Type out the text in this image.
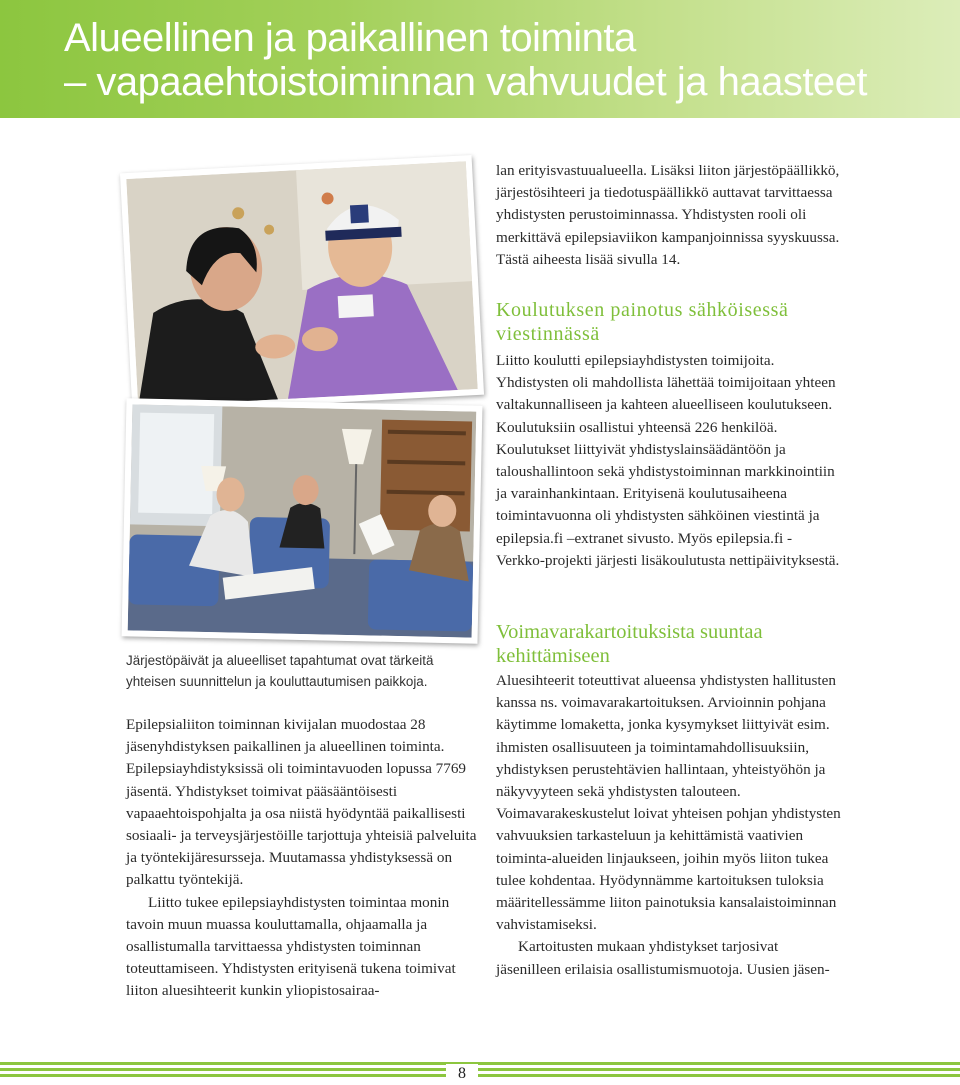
Alueellinen ja paikallinen toiminta
– vapaaehtoistoiminnan vahvuudet ja haasteet
Järjestöpäivät ja alueelliset tapahtumat ovat tärkeitä yhteisen suunnittelun ja kouluttautumisen paikkoja.

Epilepsialiiton toiminnan kivijalan muodostaa 28 jäsenyhdistyksen paikallinen ja alueellinen toiminta. Epilepsiayhdistyksissä oli toimintavuoden lopussa 7769 jäsentä. Yhdistykset toimivat pääsääntöisesti vapaaehtoispohjalta ja osa niistä hyödyntää paikallisesti sosiaali- ja terveysjärjestöille tarjottuja yhteisiä palveluita ja työntekijäresursseja. Muutamassa yhdistyksessä on palkattu työntekijä.

Liitto tukee epilepsiayhdistysten toimintaa monin tavoin muun muassa kouluttamalla, ohjaamalla ja osallistumalla tarvittaessa yhdistysten toiminnan toteuttamiseen. Yhdistysten erityisenä tukena toimivat liiton aluesihteerit kunkin yliopistosairaa-

lan erityisvastuualueella. Lisäksi liiton järjestöpäällikkö, järjestösihteeri ja tiedotuspäällikkö auttavat tarvittaessa yhdistysten perustoiminnassa. Yhdistysten rooli oli merkittävä epilepsiaviikon kampanjoinnissa syyskuussa. Tästä aiheesta lisää sivulla 14.

Koulutuksen painotus sähköisessä viestinnässä

Liitto koulutti epilepsiayhdistysten toimijoita. Yhdistysten oli mahdollista lähettää toimijoitaan yhteen valtakunnalliseen ja kahteen alueelliseen koulutukseen. Koulutuksiin osallistui yhteensä 226 henkilöä. Koulutukset liittyivät yhdistyslainsäädäntöön ja taloushallintoon sekä yhdistystoiminnan markkinointiin ja varainhankintaan. Erityisenä koulutusaiheena toimintavuonna oli yhdistysten sähköinen viestintä ja epilepsia.fi –extranet sivusto. Myös epilepsia.fi - Verkko-projekti järjesti lisäkoulutusta nettipäivityksestä.

Voimavarakartoituksista suuntaa kehittämiseen

Aluesihteerit toteuttivat alueensa yhdistysten hallitusten kanssa ns. voimavarakartoituksen. Arvioinnin pohjana käytimme lomaketta, jonka kysymykset liittyivät esim. ihmisten osallisuuteen ja toimintamahdollisuuksiin, yhdistyksen perustehtävien hallintaan, yhteistyöhön ja näkyvyyteen sekä yhdistysten talouteen. Voimavarakeskustelut loivat yhteisen pohjan yhdistysten vahvuuksien tarkasteluun ja kehittämistä vaativien toiminta-alueiden linjaukseen, joihin myös liiton tukea tulee kohdentaa. Hyödynnämme kartoituksen tuloksia määritellessämme liiton painotuksia kansalaistoiminnan vahvistamiseksi.

Kartoitusten mukaan yhdistykset tarjosivat jäsenilleen erilaisia osallistumismuotoja. Uusien jäsen-

8
